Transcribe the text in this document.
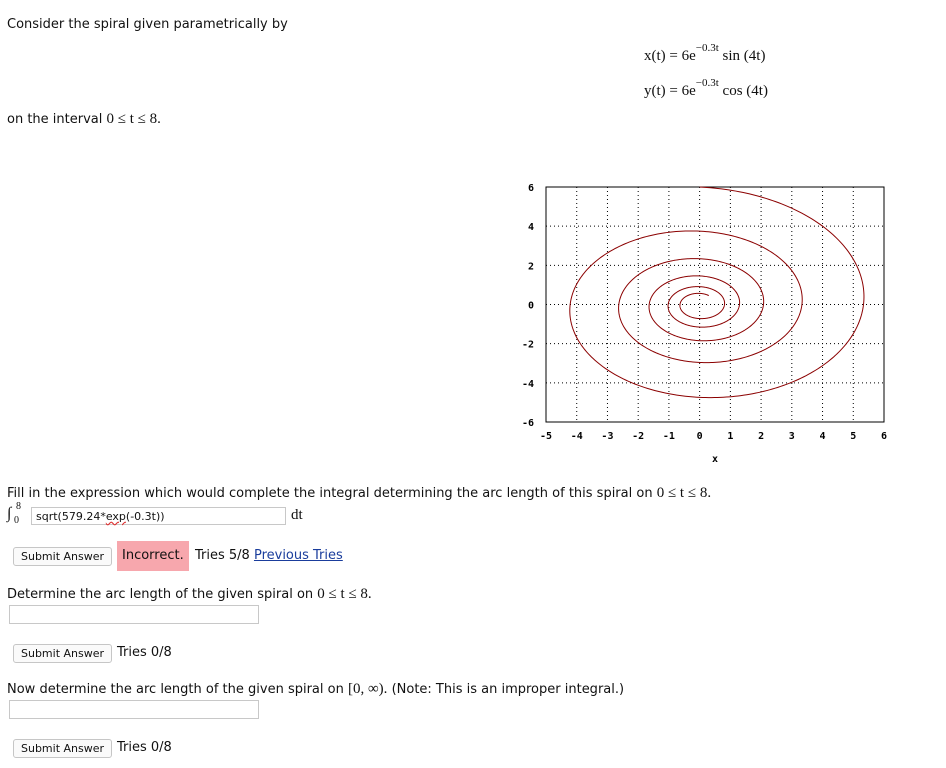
Consider the spiral given parametrically by
$x(t) = 6e^{-0.3t}$ sin (4t)
$y(t) = 6e^{-0.3t}$ cos (4t)
on the interval 0 ≤ t ≤ 8.
-5 -4 -3 -2 -1 0 1 2 3 4 5 6
6
4
2
0
-2
-4
-6
x
Fill in the expression which would complete the integral determining the arc length of this spiral on 0 ≤ t ≤ 8.
∫ 8
0	sqrt(579.24*exp(-0.3t))	dt
Submit Answer	Incorrect. Tries 5/8 Previous Tries
Determine the arc length of the given spiral on 0 ≤ t ≤ 8.
Submit Answer Tries 0/8
Now determine the arc length of the given spiral on [0, ∞). (Note: This is an improper integral.)
Submit Answer Tries 0/8
